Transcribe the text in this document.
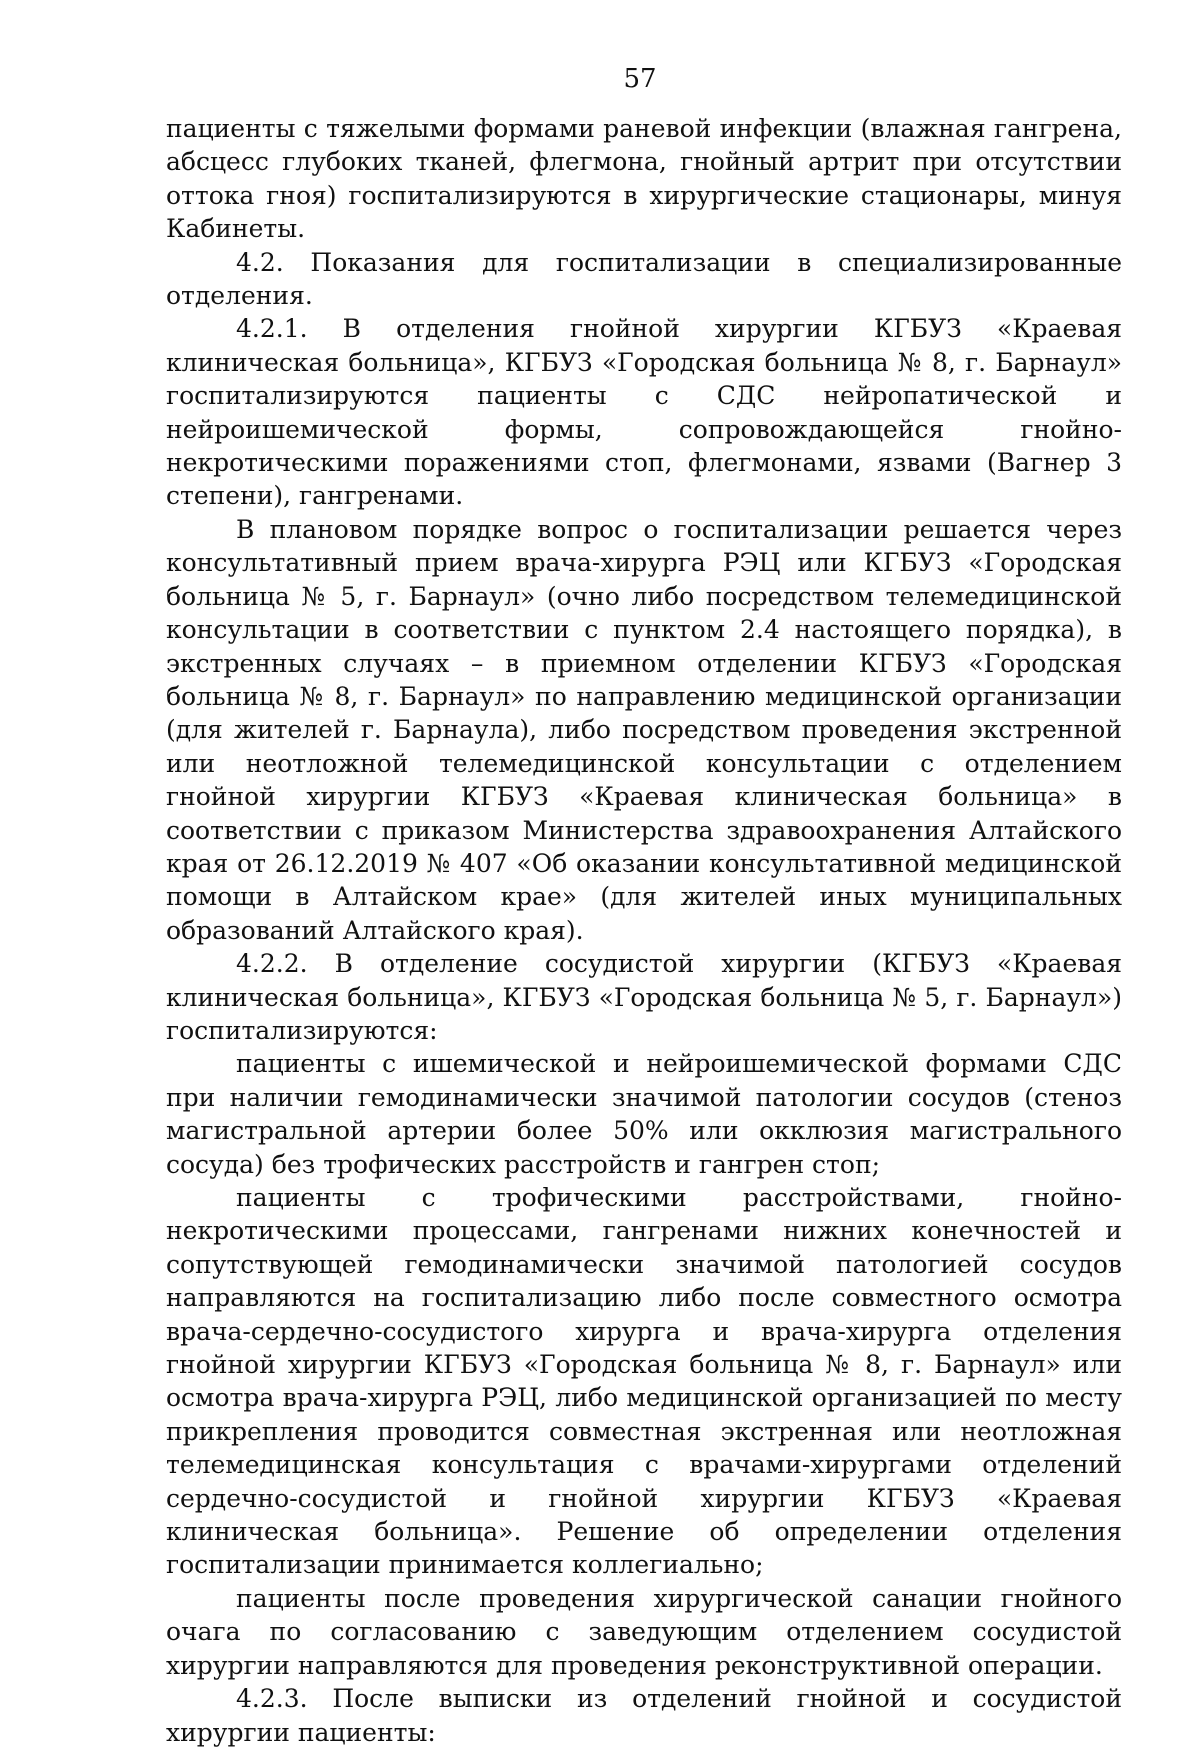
57

пациенты с тяжелыми формами раневой инфекции (влажная гангрена, абсцесс глубоких тканей, флегмона, гнойный артрит при отсутствии оттока гноя) госпитализируются в хирургические стационары, минуя Кабинеты.

4.2. Показания для госпитализации в специализированные отделения.

4.2.1. В отделения гнойной хирургии КГБУЗ «Краевая клиническая больница», КГБУЗ «Городская больница № 8, г. Барнаул» госпитализируются пациенты с СДС нейропатической и нейроишемической формы, сопровождающейся гнойно-некротическими поражениями стоп, флегмонами, язвами (Вагнер 3 степени), гангренами.

В плановом порядке вопрос о госпитализации решается через консультативный прием врача-хирурга РЭЦ или КГБУЗ «Городская больница № 5, г. Барнаул» (очно либо посредством телемедицинской консультации в соответствии с пунктом 2.4 настоящего порядка), в экстренных случаях – в приемном отделении КГБУЗ «Городская больница № 8, г. Барнаул» по направлению медицинской организации (для жителей г. Барнаула), либо посредством проведения экстренной или неотложной телемедицинской консультации с отделением гнойной хирургии КГБУЗ «Краевая клиническая больница» в соответствии с приказом Министерства здравоохранения Алтайского края от 26.12.2019 № 407 «Об оказании консультативной медицинской помощи в Алтайском крае» (для жителей иных муниципальных образований Алтайского края).

4.2.2. В отделение сосудистой хирургии (КГБУЗ «Краевая клиническая больница», КГБУЗ «Городская больница № 5, г. Барнаул») госпитализируются:

пациенты с ишемической и нейроишемической формами СДС при наличии гемодинамически значимой патологии сосудов (стеноз магистральной артерии более 50% или окклюзия магистрального сосуда) без трофических расстройств и гангрен стоп;

пациенты с трофическими расстройствами, гнойно-некротическими процессами, гангренами нижних конечностей и сопутствующей гемодинамически значимой патологией сосудов направляются на госпитализацию либо после совместного осмотра врача-сердечно-сосудистого хирурга и врача-хирурга отделения гнойной хирургии КГБУЗ «Городская больница № 8, г. Барнаул» или осмотра врача-хирурга РЭЦ, либо медицинской организацией по месту прикрепления проводится совместная экстренная или неотложная телемедицинская консультация с врачами-хирургами отделений сердечно-сосудистой и гнойной хирургии КГБУЗ «Краевая клиническая больница». Решение об определении отделения госпитализации принимается коллегиально;

пациенты после проведения хирургической санации гнойного очага по согласованию с заведующим отделением сосудистой хирургии направляются для проведения реконструктивной операции.

4.2.3. После выписки из отделений гнойной и сосудистой хирургии пациенты:
